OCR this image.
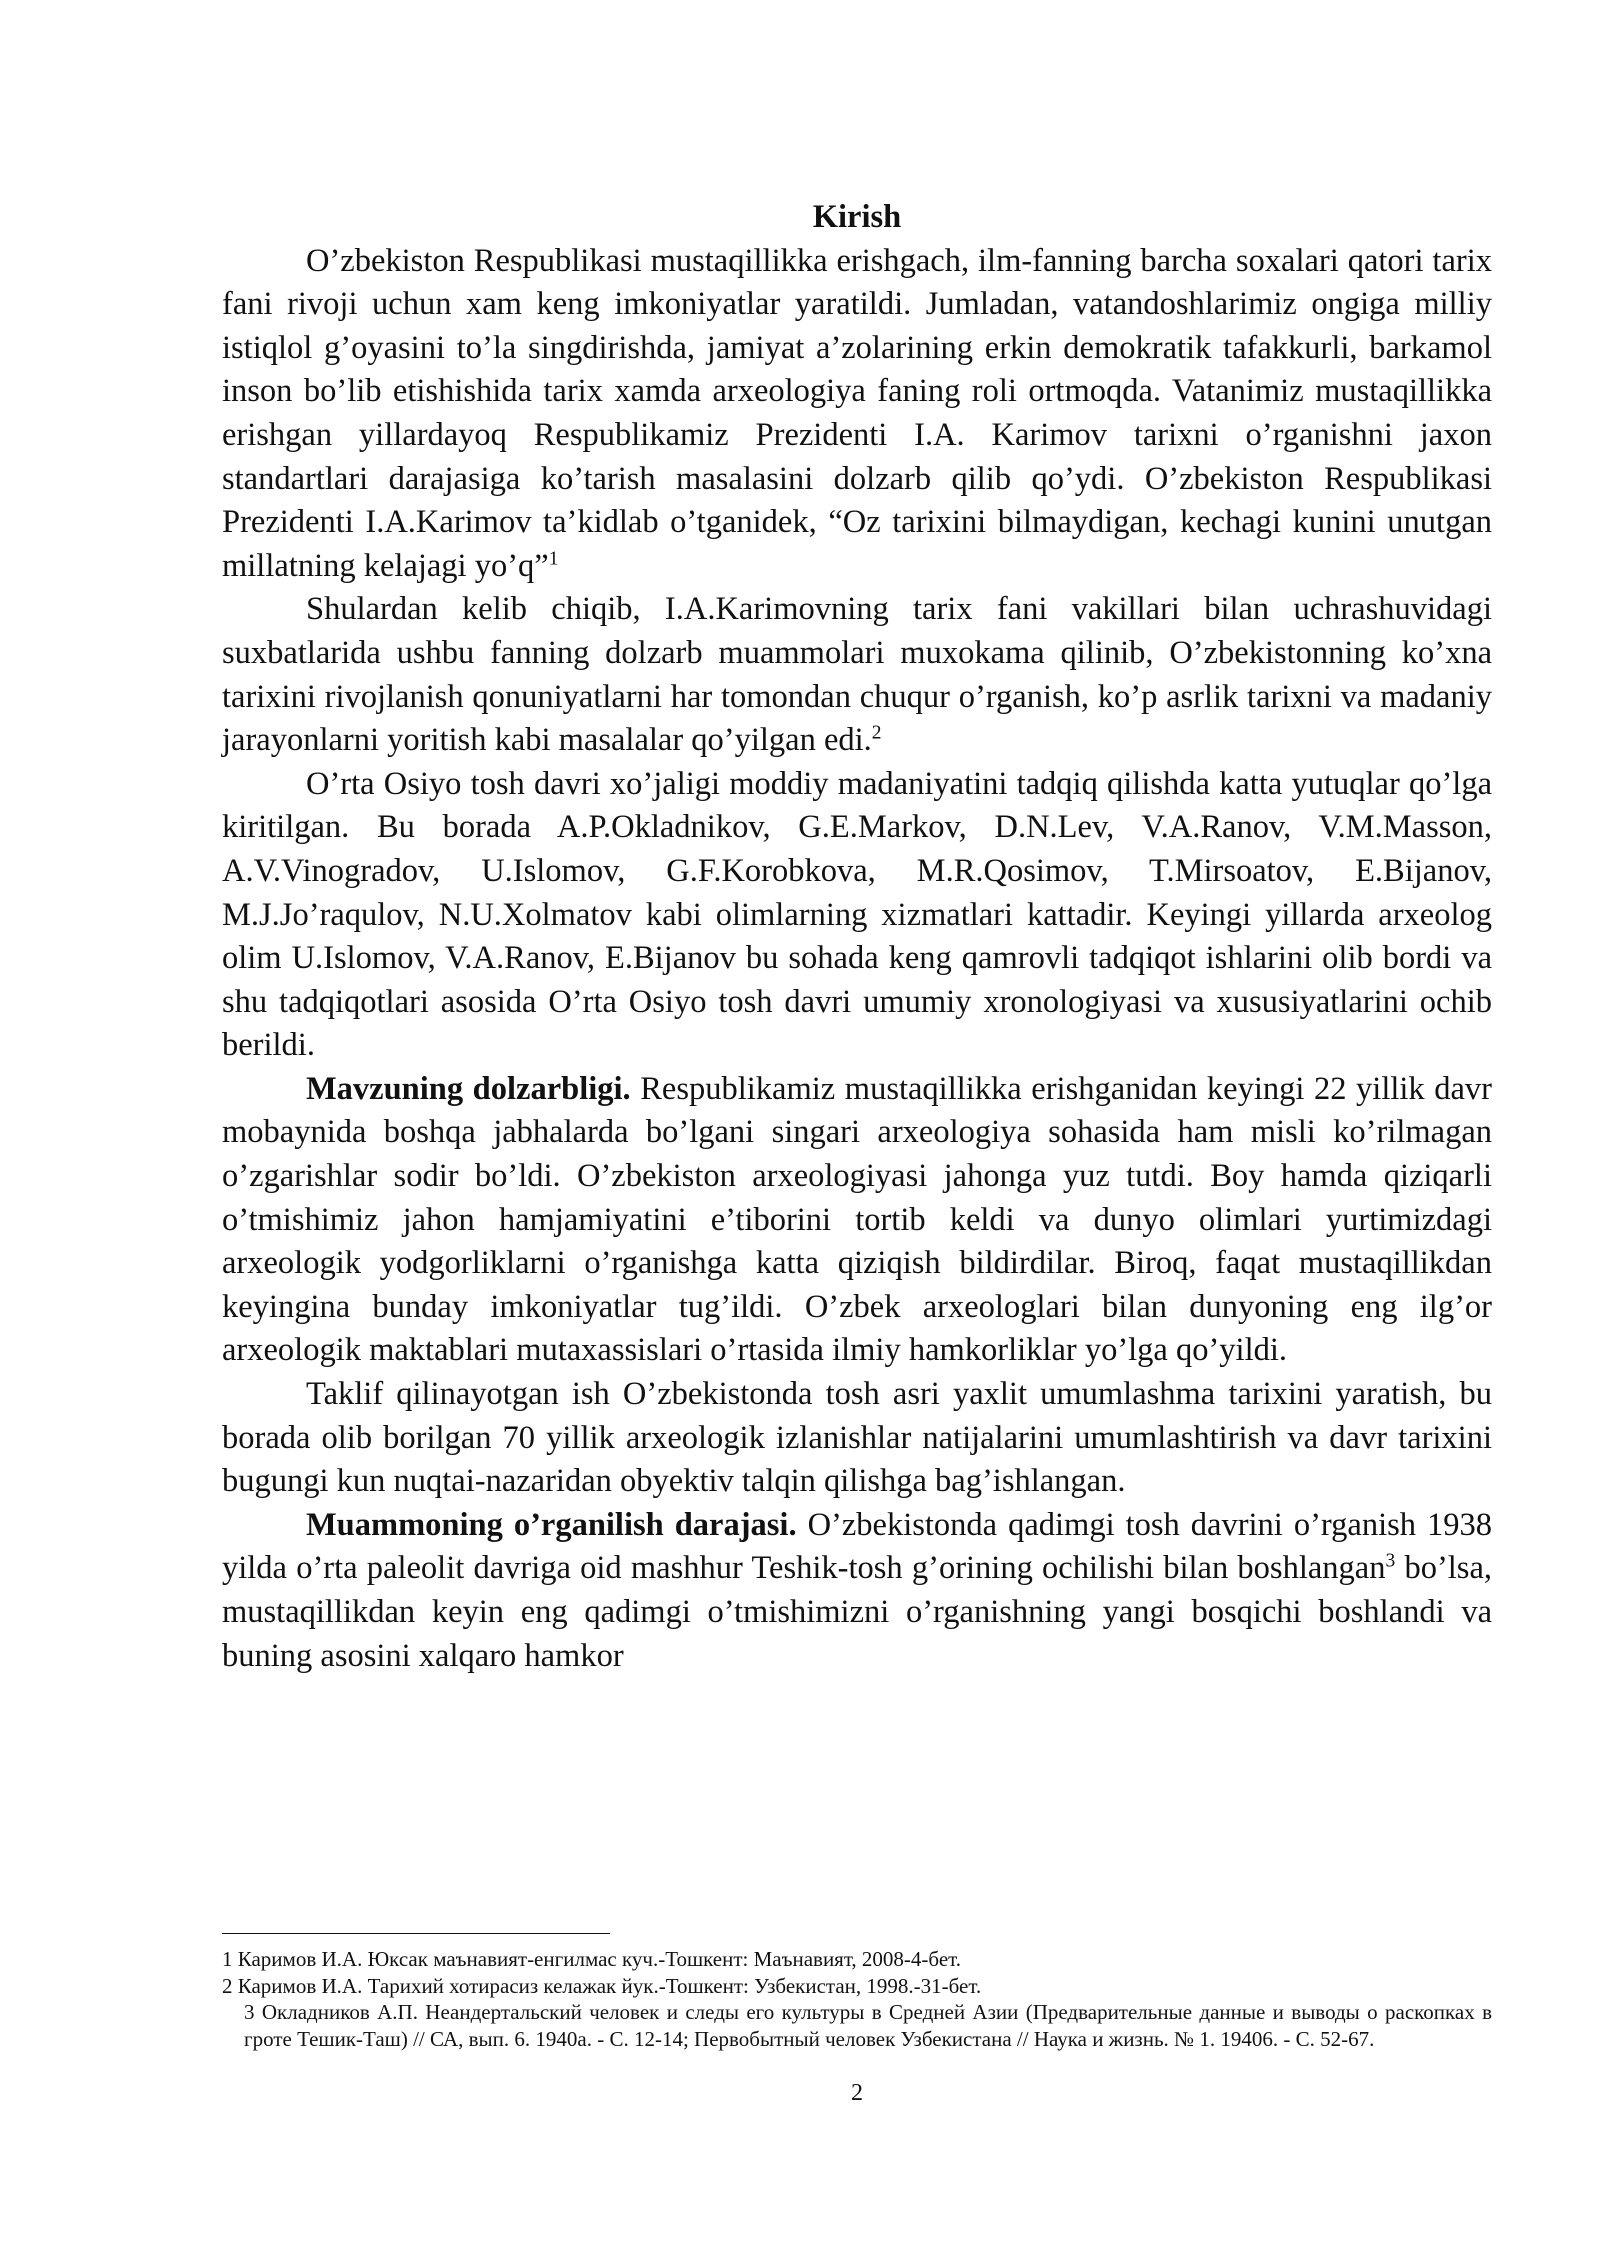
Kirish

O’zbekiston Respublikasi mustaqillikka erishgach, ilm-fanning barcha soxalari qatori tarix fani rivoji uchun xam keng imkoniyatlar yaratildi. Jumladan, vatandoshlarimiz ongiga milliy istiqlol g’oyasini to’la singdirishda, jamiyat a’zolarining erkin demokratik tafakkurli, barkamol inson bo’lib etishishida tarix xamda arxeologiya faning roli ortmoqda. Vatanimiz mustaqillikka erishgan yillardayoq Respublikamiz Prezidenti I.A. Karimov tarixni o’rganishni jaxon standartlari darajasiga ko’tarish masalasini dolzarb qilib qo’ydi. O’zbekiston Respublikasi Prezidenti I.A.Karimov ta’kidlab o’tganidek, “Oz tarixini bilmaydigan, kechagi kunini unutgan millatning kelajagi yo’q”$^1$

Shulardan kelib chiqib, I.A.Karimovning tarix fani vakillari bilan uchrashuvidagi suxbatlarida ushbu fanning dolzarb muammolari muxokama qilinib, O’zbekistonning ko’xna tarixini rivojlanish qonuniyatlarni har tomondan chuqur o’rganish, ko’p asrlik tarixni va madaniy jarayonlarni yoritish kabi masalalar qo’yilgan edi.$^2$

O’rta Osiyo tosh davri xo’jaligi moddiy madaniyatini tadqiq qilishda katta yutuqlar qo’lga kiritilgan. Bu borada A.P.Okladnikov, G.E.Markov, D.N.Lev, V.A.Ranov, V.M.Masson, A.V.Vinogradov, U.Islomov, G.F.Korobkova, M.R.Qosimov, T.Mirsoatov, E.Bijanov, M.J.Jo’raqulov, N.U.Xolmatov kabi olimlarning xizmatlari kattadir. Keyingi yillarda arxeolog olim U.Islomov, V.A.Ranov, E.Bijanov bu sohada keng qamrovli tadqiqot ishlarini olib bordi va shu tadqiqotlari asosida O’rta Osiyo tosh davri umumiy xronologiyasi va xususiyatlarini ochib berildi.

Mavzuning dolzarbligi. Respublikamiz mustaqillikka erishganidan keyingi 22 yillik davr mobaynida boshqa jabhalarda bo’lgani singari arxeologiya sohasida ham misli ko’rilmagan o’zgarishlar sodir bo’ldi. O’zbekiston arxeologiyasi jahonga yuz tutdi. Boy hamda qiziqarli o’tmishimiz jahon hamjamiyatini e’tiborini tortib keldi va dunyo olimlari yurtimizdagi arxeologik yodgorliklarni o’rganishga katta qiziqish bildirdilar. Biroq, faqat mustaqillikdan keyingina bunday imkoniyatlar tug’ildi. O’zbek arxeologlari bilan dunyoning eng ilg’or arxeologik maktablari mutaxassislari o’rtasida ilmiy hamkorliklar yo’lga qo’yildi.

Taklif qilinayotgan ish O’zbekistonda tosh asri yaxlit umumlashma tarixini yaratish, bu borada olib borilgan 70 yillik arxeologik izlanishlar natijalarini umumlashtirish va davr tarixini bugungi kun nuqtai-nazaridan obyektiv talqin qilishga bag’ishlangan.

Muammoning o’rganilish darajasi. O’zbekistonda qadimgi tosh davrini o’rganish 1938 yilda o’rta paleolit davriga oid mashhur Teshik-tosh g’orining ochilishi bilan boshlangan$^3$ bo’lsa, mustaqillikdan keyin eng qadimgi o’tmishimizni o’rganishning yangi bosqichi boshlandi va buning asosini xalqaro hamkor

1 Каримов И.А. Юксак маънавият-енгилмас куч.-Тошкент: Маънавият, 2008-4-бет.

2 Каримов И.А. Тарихий хотирасиз келажак йук.-Тошкент: Узбекистан, 1998.-31-бет.

3 Окладников А.П. Неандертальский человек и следы его культуры в Средней Азии (Предварительные данные и выводы о раскопках в гроте Тешик-Таш) // СА, вып. 6. 1940а. - С. 12-14; Первобытный человек Узбекистана // Наука и жизнь. № 1. 19406. - С. 52-67.

2
